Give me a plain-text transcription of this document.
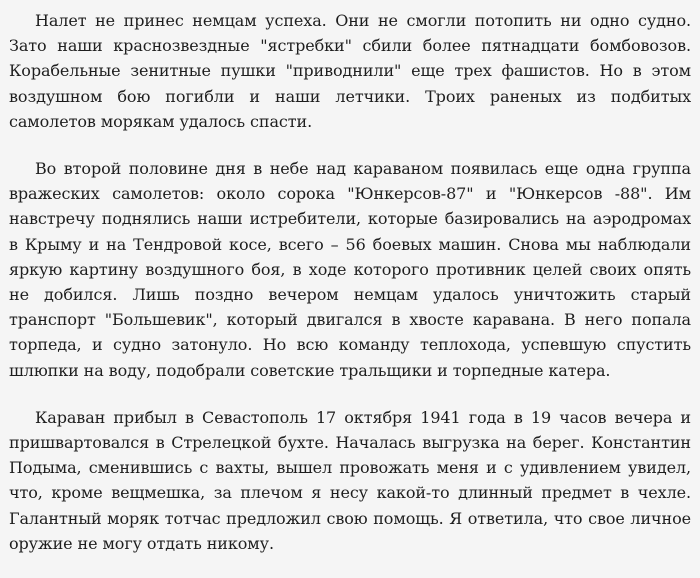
Налет не принес немцам успеха. Они не смогли потопить ни одно судно. Зато наши краснозвездные "ястребки" сбили более пятнадцати бомбовозов. Корабельные зенитные пушки "приводнили" еще трех фашистов. Но в этом воздушном бою погибли и наши летчики. Троих раненых из подбитых самолетов морякам удалось спасти.

Во второй половине дня в небе над караваном появилась еще одна группа вражеских самолетов: около сорока "Юнкерсов-87" и "Юнкерсов -88". Им навстречу поднялись наши истребители, которые базировались на аэродромах в Крыму и на Тендровой косе, всего – 56 боевых машин. Снова мы наблюдали яркую картину воздушного боя, в ходе которого противник целей своих опять не добился. Лишь поздно вечером немцам удалось уничтожить старый транспорт "Большевик", который двигался в хвосте каравана. В него попала торпеда, и судно затонуло. Но всю команду теплохода, успевшую спустить шлюпки на воду, подобрали советские тральщики и торпедные катера.

Караван прибыл в Севастополь 17 октября 1941 года в 19 часов вечера и пришвартовался в Стрелецкой бухте. Началась выгрузка на берег. Константин Подыма, сменившись с вахты, вышел провожать меня и с удивлением увидел, что, кроме вещмешка, за плечом я несу какой-то длинный предмет в чехле. Галантный моряк тотчас предложил свою помощь. Я ответила, что свое личное оружие не могу отдать никому.
